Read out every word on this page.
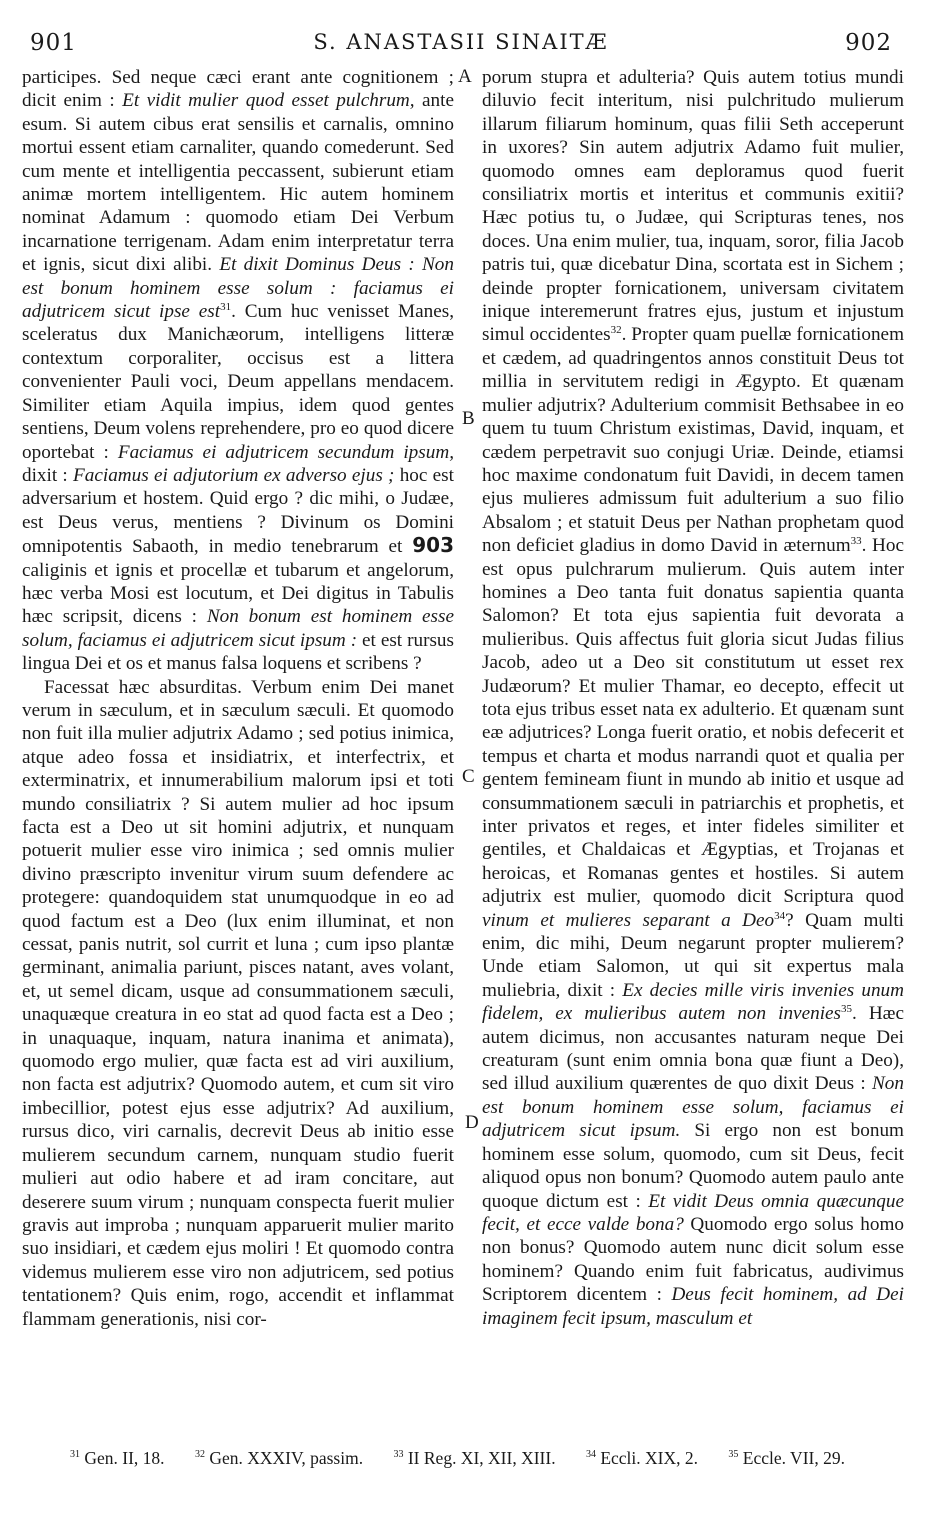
901	S. ANASTASII SINAITÆ	902
A
B
C
D

participes. Sed neque cæci erant ante cognitionem ; dicit enim : Et vidit mulier quod esset pulchrum, ante esum. Si autem cibus erat sensilis et carnalis, omnino mortui essent etiam carnaliter, quando comederunt. Sed cum mente et intelligentia peccassent, subierunt etiam animæ mortem intelligentem. Hic autem hominem nominat Adamum : quomodo etiam Dei Verbum incarnatione terrigenam. Adam enim interpretatur terra et ignis, sicut dixi alibi. Et dixit Dominus Deus : Non est bonum hominem esse solum : faciamus ei adjutricem sicut ipse est$^{31}$. Cum huc venisset Manes, sceleratus dux Manichæorum, intelligens litteræ contextum corporaliter, occisus est a littera convenienter Pauli voci, Deum appellans mendacem. Similiter etiam Aquila impius, idem quod gentes sentiens, Deum volens reprehendere, pro eo quod dicere oportebat : Faciamus ei adjutricem secundum ipsum, dixit : Faciamus ei adjutorium ex adverso ejus ; hoc est adversarium et hostem. Quid ergo ? dic mihi, o Judæe, est Deus verus, mentiens ? Divinum os Domini omnipotentis Sabaoth, in medio tenebrarum et 903 caliginis et ignis et procellæ et tubarum et angelorum, hæc verba Mosi est locutum, et Dei digitus in Tabulis hæc scripsit, dicens : Non bonum est hominem esse solum, faciamus ei adjutricem sicut ipsum : et est rursus lingua Dei et os et manus falsa loquens et scribens ?

Facessat hæc absurditas. Verbum enim Dei manet verum in sæculum, et in sæculum sæculi. Et quomodo non fuit illa mulier adjutrix Adamo ; sed potius inimica, atque adeo fossa et insidiatrix, et interfectrix, et exterminatrix, et innumerabilium malorum ipsi et toti mundo consiliatrix ? Si autem mulier ad hoc ipsum facta est a Deo ut sit homini adjutrix, et nunquam potuerit mulier esse viro inimica ; sed omnis mulier divino præscripto invenitur virum suum defendere ac protegere: quandoquidem stat unumquodque in eo ad quod factum est a Deo (lux enim illuminat, et non cessat, panis nutrit, sol currit et luna ; cum ipso plantæ germinant, animalia pariunt, pisces natant, aves volant, et, ut semel dicam, usque ad consummationem sæculi, unaquæque creatura in eo stat ad quod facta est a Deo ; in unaquaque, inquam, natura inanima et animata), quomodo ergo mulier, quæ facta est ad viri auxilium, non facta est adjutrix? Quomodo autem, et cum sit viro imbecillior, potest ejus esse adjutrix? Ad auxilium, rursus dico, viri carnalis, decrevit Deus ab initio esse mulierem secundum carnem, nunquam studio fuerit mulieri aut odio habere et ad iram concitare, aut deserere suum virum ; nunquam conspecta fuerit mulier gravis aut improba ; nunquam apparuerit mulier marito suo insidiari, et cædem ejus moliri ! Et quomodo contra videmus mulierem esse viro non adjutricem, sed potius tentationem? Quis enim, rogo, accendit et inflammat flammam generationis, nisi cor-

porum stupra et adulteria? Quis autem totius mundi diluvio fecit interitum, nisi pulchritudo mulierum illarum filiarum hominum, quas filii Seth acceperunt in uxores? Sin autem adjutrix Adamo fuit mulier, quomodo omnes eam deploramus quod fuerit consiliatrix mortis et interitus et communis exitii? Hæc potius tu, o Judæe, qui Scripturas tenes, nos doces. Una enim mulier, tua, inquam, soror, filia Jacob patris tui, quæ dicebatur Dina, scortata est in Sichem ; deinde propter fornicationem, universam civitatem inique interemerunt fratres ejus, justum et injustum simul occidentes$^{32}$. Propter quam puellæ fornicationem et cædem, ad quadringentos annos constituit Deus tot millia in servitutem redigi in Ægypto. Et quænam mulier adjutrix? Adulterium commisit Bethsabee in eo quem tu tuum Christum existimas, David, inquam, et cædem perpetravit suo conjugi Uriæ. Deinde, etiamsi hoc maxime condonatum fuit Davidi, in decem tamen ejus mulieres admissum fuit adulterium a suo filio Absalom ; et statuit Deus per Nathan prophetam quod non deficiet gladius in domo David in æternum$^{33}$. Hoc est opus pulchrarum mulierum. Quis autem inter homines a Deo tanta fuit donatus sapientia quanta Salomon? Et tota ejus sapientia fuit devorata a mulieribus. Quis affectus fuit gloria sicut Judas filius Jacob, adeo ut a Deo sit constitutum ut esset rex Judæorum? Et mulier Thamar, eo decepto, effecit ut tota ejus tribus esset nata ex adulterio. Et quænam sunt eæ adjutrices? Longa fuerit oratio, et nobis defecerit et tempus et charta et modus narrandi quot et qualia per gentem femineam fiunt in mundo ab initio et usque ad consummationem sæculi in patriarchis et prophetis, et inter privatos et reges, et inter fideles similiter et gentiles, et Chaldaicas et Ægyptias, et Trojanas et heroicas, et Romanas gentes et hostiles. Si autem adjutrix est mulier, quomodo dicit Scriptura quod vinum et mulieres separant a Deo$^{34}$? Quam multi enim, dic mihi, Deum negarunt propter mulierem? Unde etiam Salomon, ut qui sit expertus mala muliebria, dixit : Ex decies mille viris invenies unum fidelem, ex mulieribus autem non invenies$^{35}$. Hæc autem dicimus, non accusantes naturam neque Dei creaturam (sunt enim omnia bona quæ fiunt a Deo), sed illud auxilium quærentes de quo dixit Deus : Non est bonum hominem esse solum, faciamus ei adjutricem sicut ipsum. Si ergo non est bonum hominem esse solum, quomodo, cum sit Deus, fecit aliquod opus non bonum? Quomodo autem paulo ante quoque dictum est : Et vidit Deus omnia quæcunque fecit, et ecce valde bona? Quomodo ergo solus homo non bonus? Quomodo autem nunc dicit solum esse hominem? Quando enim fuit fabricatus, audivimus Scriptorem dicentem : Deus fecit hominem, ad Dei imaginem fecit ipsum, masculum et

$^{31}$ Gen. II, 18.	$^{32}$ Gen. XXXIV, passim.	$^{33}$ II Reg. XI, XII, XIII.	$^{34}$ Eccli. XIX, 2.	$^{35}$ Eccle. VII, 29.
